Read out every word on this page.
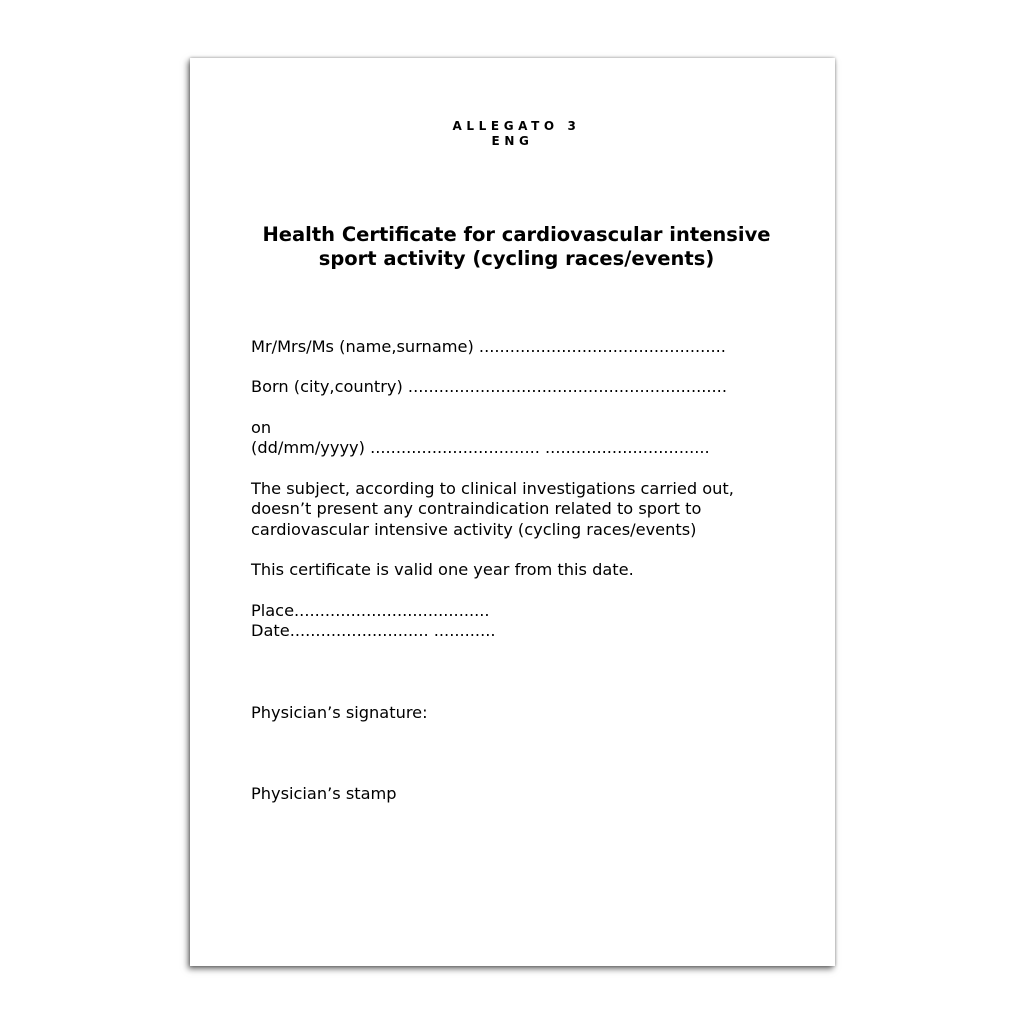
ALLEGATO 3
ENG
Health Certificate for cardiovascular intensive
sport activity (cycling races/events)
Mr/Mrs/Ms (name,surname) ................................................
Born (city,country) ..............................................................
on
(dd/mm/yyyy) ................................. ................................
The subject, according to clinical investigations carried out,
doesn’t present any contraindication related to sport to
cardiovascular intensive activity (cycling races/events)
This certificate is valid one year from this date.
Place......................................
Date........................... ............
Physician’s signature:
Physician’s stamp
